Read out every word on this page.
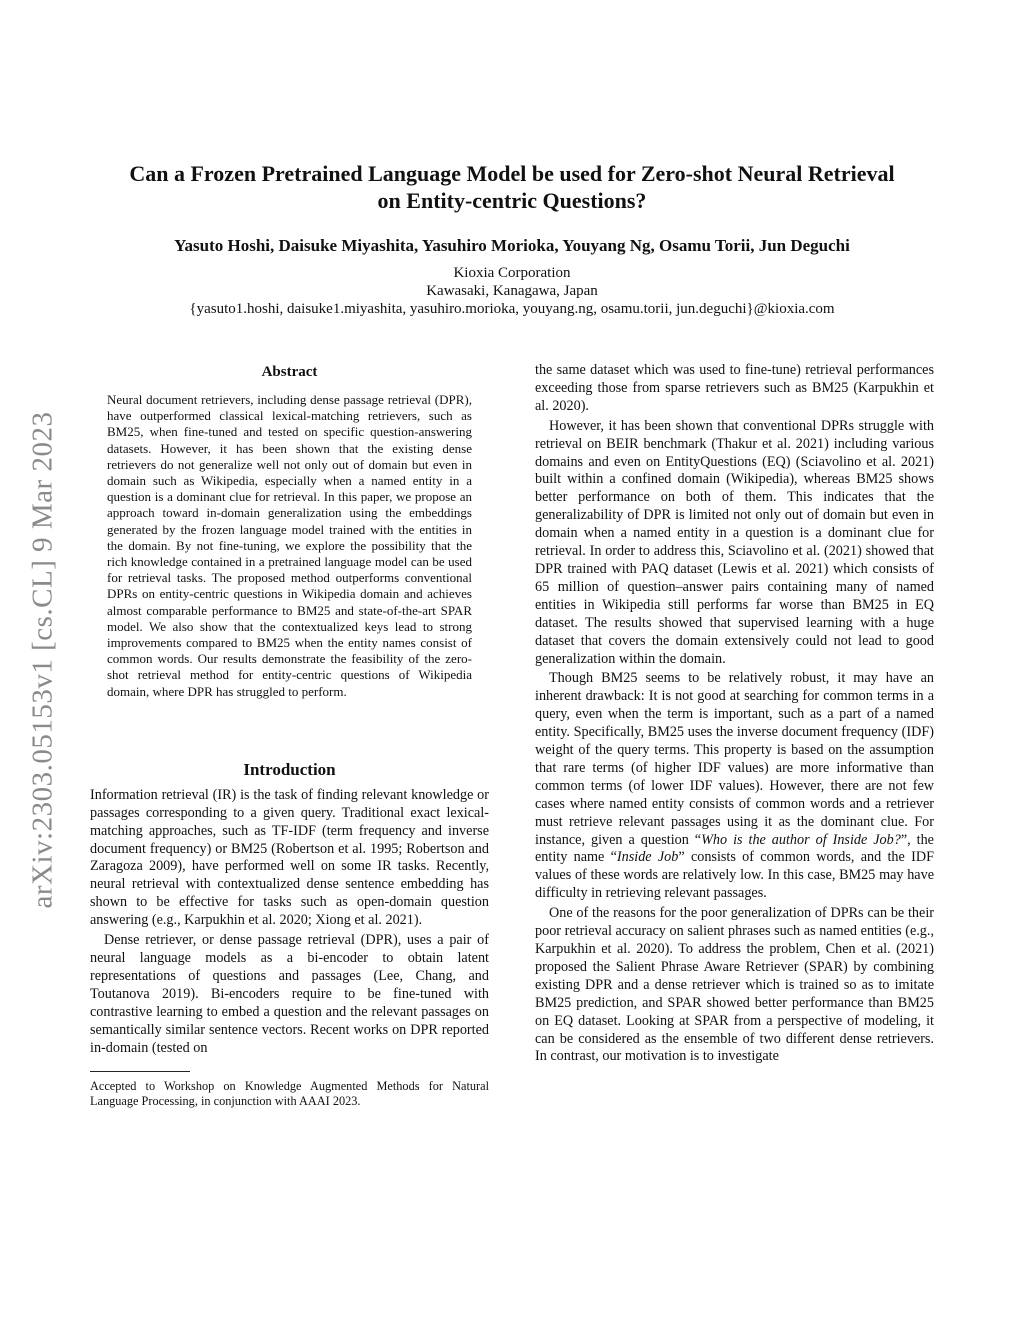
Can a Frozen Pretrained Language Model be used for Zero-shot Neural Retrieval
on Entity-centric Questions?
Yasuto Hoshi, Daisuke Miyashita, Yasuhiro Morioka, Youyang Ng, Osamu Torii, Jun Deguchi
Kioxia Corporation
Kawasaki, Kanagawa, Japan
{yasuto1.hoshi, daisuke1.miyashita, yasuhiro.morioka, youyang.ng, osamu.torii, jun.deguchi}@kioxia.com
arXiv:2303.05153v1 [cs.CL] 9 Mar 2023
Abstract

Neural document retrievers, including dense passage retrieval (DPR), have outperformed classical lexical-matching retrievers, such as BM25, when fine-tuned and tested on specific question-answering datasets. However, it has been shown that the existing dense retrievers do not generalize well not only out of domain but even in domain such as Wikipedia, especially when a named entity in a question is a dominant clue for retrieval. In this paper, we propose an approach toward in-domain generalization using the embeddings generated by the frozen language model trained with the entities in the domain. By not fine-tuning, we explore the possibility that the rich knowledge contained in a pretrained language model can be used for retrieval tasks. The proposed method outperforms conventional DPRs on entity-centric questions in Wikipedia domain and achieves almost comparable performance to BM25 and state-of-the-art SPAR model. We also show that the contextualized keys lead to strong improvements compared to BM25 when the entity names consist of common words. Our results demonstrate the feasibility of the zero-shot retrieval method for entity-centric questions of Wikipedia domain, where DPR has struggled to perform.

Introduction

Information retrieval (IR) is the task of finding relevant knowledge or passages corresponding to a given query. Traditional exact lexical-matching approaches, such as TF-IDF (term frequency and inverse document frequency) or BM25 (Robertson et al. 1995; Robertson and Zaragoza 2009), have performed well on some IR tasks. Recently, neural retrieval with contextualized dense sentence embedding has shown to be effective for tasks such as open-domain question answering (e.g., Karpukhin et al. 2020; Xiong et al. 2021).

Dense retriever, or dense passage retrieval (DPR), uses a pair of neural language models as a bi-encoder to obtain latent representations of questions and passages (Lee, Chang, and Toutanova 2019). Bi-encoders require to be fine-tuned with contrastive learning to embed a question and the relevant passages on semantically similar sentence vectors. Recent works on DPR reported in-domain (tested on

Accepted to Workshop on Knowledge Augmented Methods for Natural Language Processing, in conjunction with AAAI 2023.

the same dataset which was used to fine-tune) retrieval performances exceeding those from sparse retrievers such as BM25 (Karpukhin et al. 2020).

However, it has been shown that conventional DPRs struggle with retrieval on BEIR benchmark (Thakur et al. 2021) including various domains and even on EntityQuestions (EQ) (Sciavolino et al. 2021) built within a confined domain (Wikipedia), whereas BM25 shows better performance on both of them. This indicates that the generalizability of DPR is limited not only out of domain but even in domain when a named entity in a question is a dominant clue for retrieval. In order to address this, Sciavolino et al. (2021) showed that DPR trained with PAQ dataset (Lewis et al. 2021) which consists of 65 million of question–answer pairs containing many of named entities in Wikipedia still performs far worse than BM25 in EQ dataset. The results showed that supervised learning with a huge dataset that covers the domain extensively could not lead to good generalization within the domain.

Though BM25 seems to be relatively robust, it may have an inherent drawback: It is not good at searching for common terms in a query, even when the term is important, such as a part of a named entity. Specifically, BM25 uses the inverse document frequency (IDF) weight of the query terms. This property is based on the assumption that rare terms (of higher IDF values) are more informative than common terms (of lower IDF values). However, there are not few cases where named entity consists of common words and a retriever must retrieve relevant passages using it as the dominant clue. For instance, given a question “Who is the author of Inside Job?”, the entity name “Inside Job” consists of common words, and the IDF values of these words are relatively low. In this case, BM25 may have difficulty in retrieving relevant passages.

One of the reasons for the poor generalization of DPRs can be their poor retrieval accuracy on salient phrases such as named entities (e.g., Karpukhin et al. 2020). To address the problem, Chen et al. (2021) proposed the Salient Phrase Aware Retriever (SPAR) by combining existing DPR and a dense retriever which is trained so as to imitate BM25 prediction, and SPAR showed better performance than BM25 on EQ dataset. Looking at SPAR from a perspective of modeling, it can be considered as the ensemble of two different dense retrievers. In contrast, our motivation is to investigate
